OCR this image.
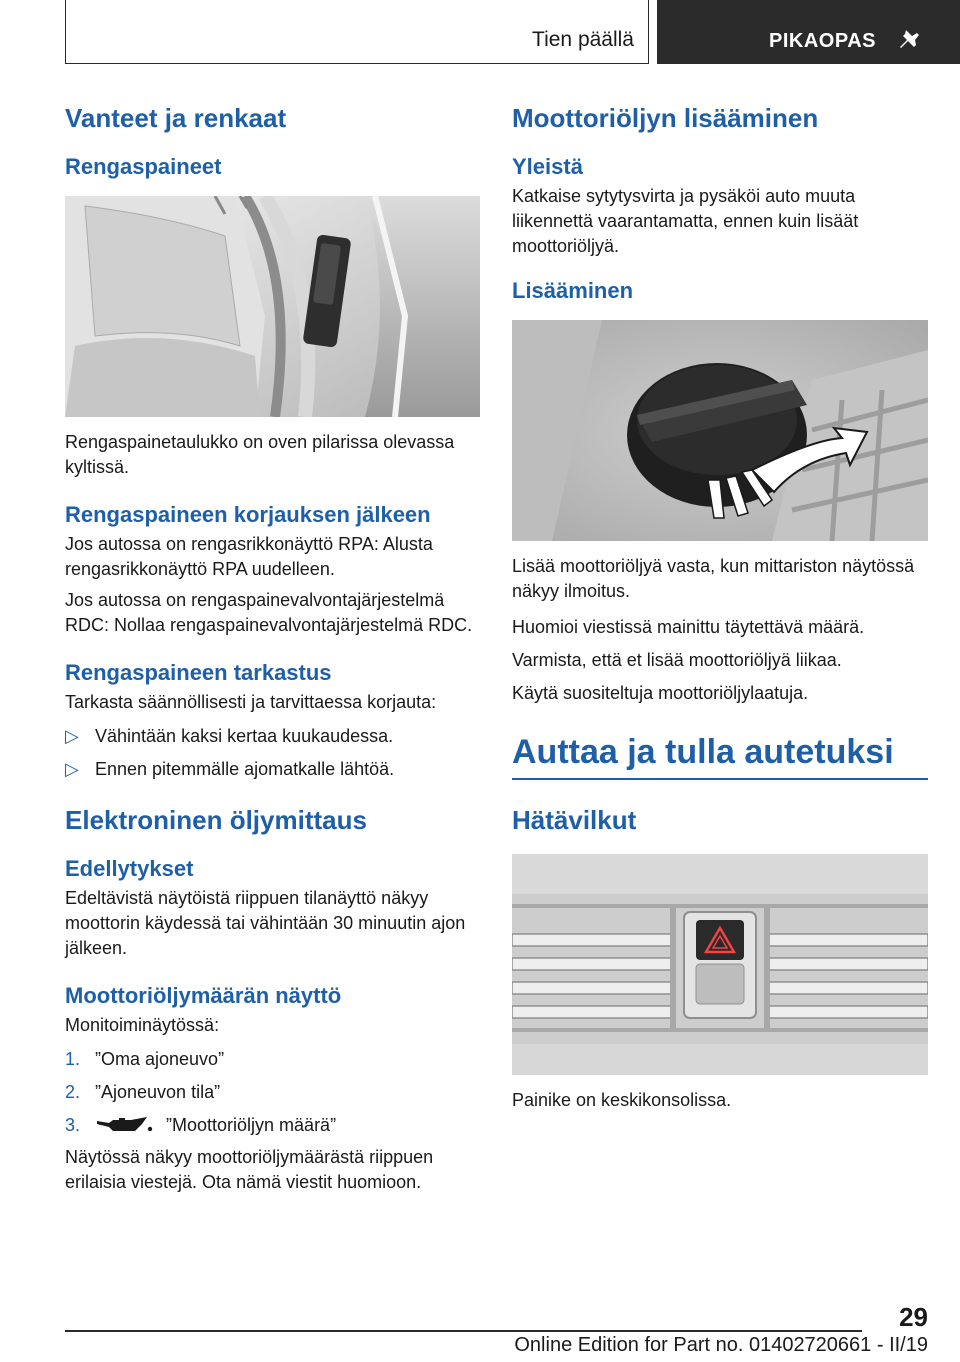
Tien päällä	PIKAOPAS
Vanteet ja renkaat
Rengaspaineet
Rengaspainetaulukko on oven pilarissa olevassa kyltissä.
Rengaspaineen korjauksen jälkeen
Jos autossa on rengasrikkonäyttö RPA: Alusta rengasrikkonäyttö RPA uudelleen.
Jos autossa on rengaspainevalvontajärjestelmä RDC: Nollaa rengaspainevalvontajärjestelmä RDC.
Rengaspaineen tarkastus
Tarkasta säännöllisesti ja tarvittaessa korjauta:
▷ Vähintään kaksi kertaa kuukaudessa.
▷ Ennen pitemmälle ajomatkalle lähtöä.
Elektroninen öljymittaus
Edellytykset
Edeltävistä näytöistä riippuen tilanäyttö näkyy moottorin käydessä tai vähintään 30 minuutin ajon jälkeen.
Moottoriöljymäärän näyttö
Monitoiminäytössä:
1. ”Oma ajoneuvo”
2. ”Ajoneuvon tila”
3.	”Moottoriöljyn määrä”
Näytössä näkyy moottoriöljymäärästä riippuen erilaisia viestejä. Ota nämä viestit huomioon.
Moottoriöljyn lisääminen
Yleistä
Katkaise sytytysvirta ja pysäköi auto muuta liikennettä vaarantamatta, ennen kuin lisäät moottoriöljyä.
Lisääminen
Lisää moottoriöljyä vasta, kun mittariston näytössä näkyy ilmoitus.
Huomioi viestissä mainittu täytettävä määrä.
Varmista, että et lisää moottoriöljyä liikaa.
Käytä suositeltuja moottoriöljylaatuja.
Auttaa ja tulla autetuksi
Hätävilkut
Painike on keskikonsolissa.
29
Online Edition for Part no. 01402720661 - II/19
